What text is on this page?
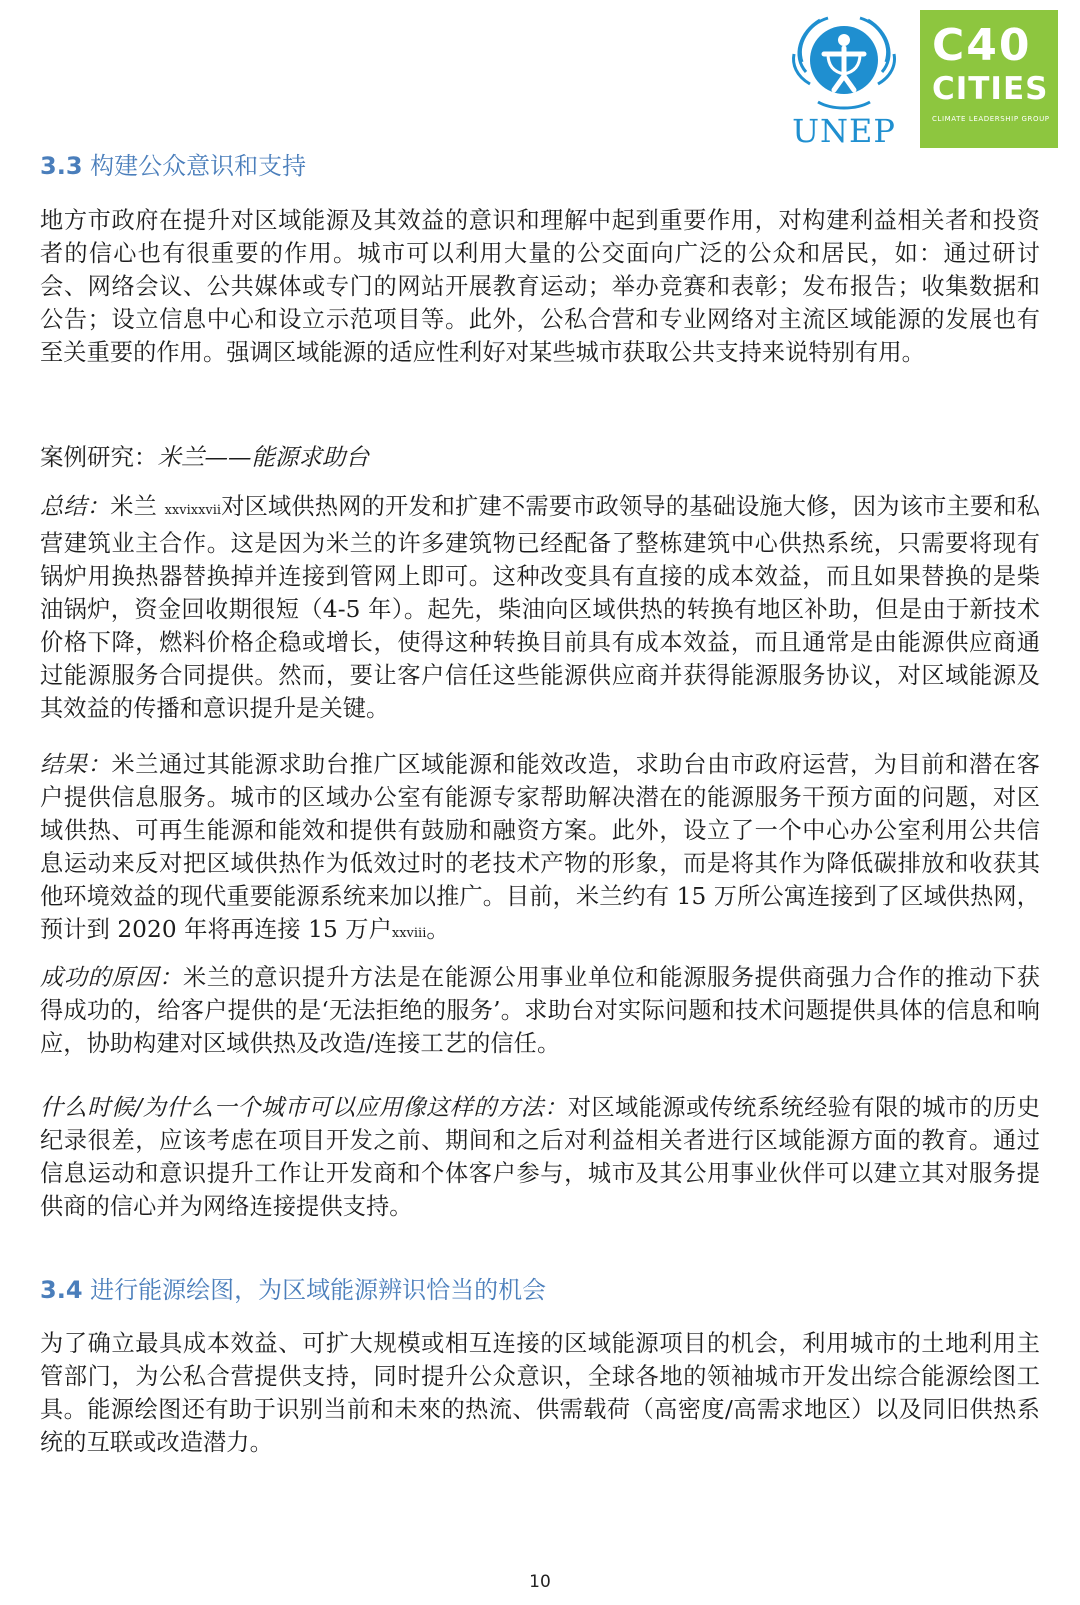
UNEP
C40
CITIES
CLIMATE LEADERSHIP GROUP
3.3 构建公众意识和支持
地方市政府在提升对区域能源及其效益的意识和理解中起到重要作用，对构建利益相关者和投资者的信心也有很重要的作用。城市可以利用大量的公交面向广泛的公众和居民，如：通过研讨会、网络会议、公共媒体或专门的网站开展教育运动；举办竞赛和表彰；发布报告；收集数据和公告；设立信息中心和设立示范项目等。此外，公私合营和专业网络对主流区域能源的发展也有至关重要的作用。强调区域能源的适应性利好对某些城市获取公共支持来说特别有用。
案例研究：米兰——能源求助台
总结：米兰 xxvixxvii对区域供热网的开发和扩建不需要市政领导的基础设施大修，因为该市主要和私营建筑业主合作。这是因为米兰的许多建筑物已经配备了整栋建筑中心供热系统，只需要将现有锅炉用换热器替换掉并连接到管网上即可。这种改变具有直接的成本效益，而且如果替换的是柴油锅炉，资金回收期很短（4-5 年）。起先，柴油向区域供热的转换有地区补助，但是由于新技术价格下降，燃料价格企稳或增长，使得这种转换目前具有成本效益，而且通常是由能源供应商通过能源服务合同提供。然而，要让客户信任这些能源供应商并获得能源服务协议，对区域能源及其效益的传播和意识提升是关键。
结果：米兰通过其能源求助台推广区域能源和能效改造，求助台由市政府运营，为目前和潜在客户提供信息服务。城市的区域办公室有能源专家帮助解决潜在的能源服务干预方面的问题，对区域供热、可再生能源和能效和提供有鼓励和融资方案。此外，设立了一个中心办公室利用公共信息运动来反对把区域供热作为低效过时的老技术产物的形象，而是将其作为降低碳排放和收获其他环境效益的现代重要能源系统来加以推广。目前，米兰约有 15 万所公寓连接到了区域供热网，预计到 2020 年将再连接 15 万户xxviii。
成功的原因：米兰的意识提升方法是在能源公用事业单位和能源服务提供商强力合作的推动下获得成功的，给客户提供的是‘无法拒绝的服务’。求助台对实际问题和技术问题提供具体的信息和响应，协助构建对区域供热及改造/连接工艺的信任。
什么时候/为什么一个城市可以应用像这样的方法：对区域能源或传统系统经验有限的城市的历史纪录很差，应该考虑在项目开发之前、期间和之后对利益相关者进行区域能源方面的教育。通过信息运动和意识提升工作让开发商和个体客户参与，城市及其公用事业伙伴可以建立其对服务提供商的信心并为网络连接提供支持。
3.4 进行能源绘图，为区域能源辨识恰当的机会
为了确立最具成本效益、可扩大规模或相互连接的区域能源项目的机会，利用城市的土地利用主管部门，为公私合营提供支持，同时提升公众意识，全球各地的领袖城市开发出综合能源绘图工具。能源绘图还有助于识别当前和未來的热流、供需载荷（高密度/高需求地区）以及同旧供热系统的互联或改造潜力。
10
